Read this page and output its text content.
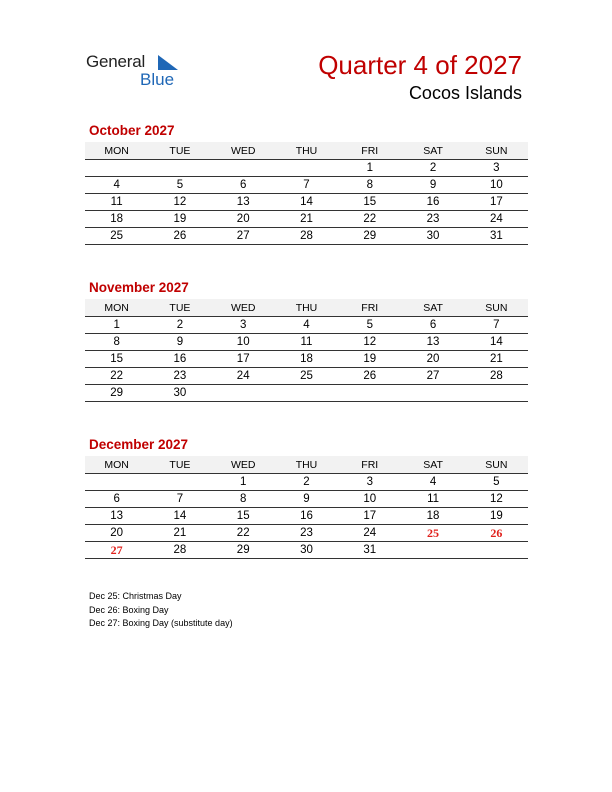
General
Blue	Quarter 4 of 2027
Cocos Islands
October 2027
MON	TUE	WED	THU	FRI	SAT	SUN
				1	2	3
4	5	6	7	8	9	10
11	12	13	14	15	16	17
18	19	20	21	22	23	24
25	26	27	28	29	30	31
November 2027
MON	TUE	WED	THU	FRI	SAT	SUN
1	2	3	4	5	6	7
8	9	10	11	12	13	14
15	16	17	18	19	20	21
22	23	24	25	26	27	28
29	30					
December 2027
MON	TUE	WED	THU	FRI	SAT	SUN
		1	2	3	4	5
6	7	8	9	10	11	12
13	14	15	16	17	18	19
20	21	22	23	24	25	26
27	28	29	30	31		
Dec 25: Christmas Day
Dec 26: Boxing Day
Dec 27: Boxing Day (substitute day)
